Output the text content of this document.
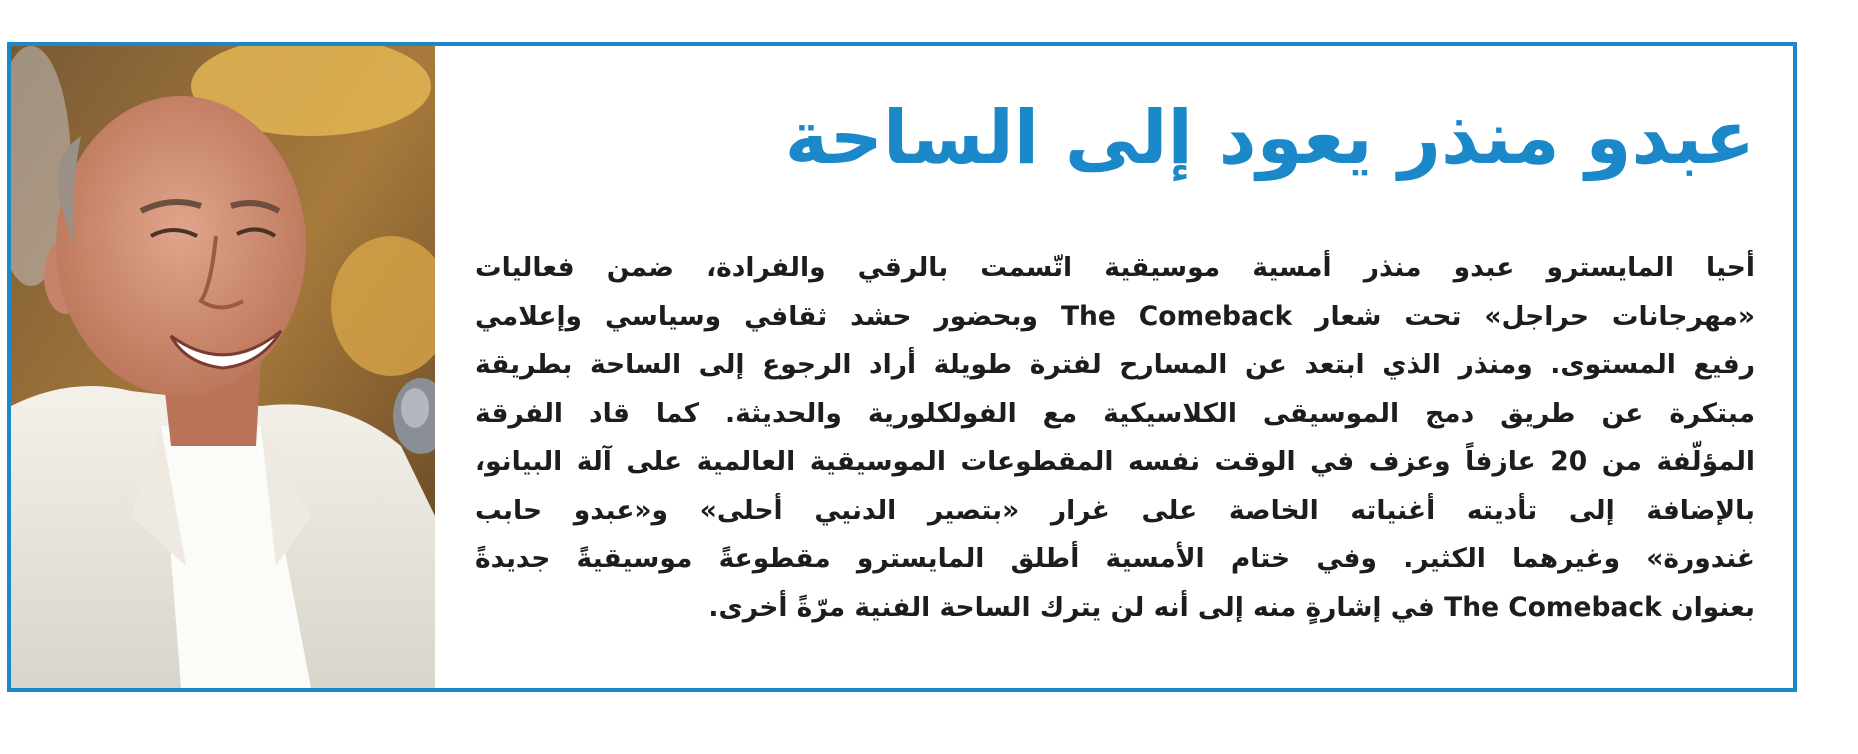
عبدو منذر يعود إلى الساحة

أحيا المايسترو عبدو منذر أمسية موسيقية اتّسمت بالرقي والفرادة، ضمن فعاليات
«مهرجانات حراجل» تحت شعار The Comeback وبحضور حشد ثقافي وسياسي وإعلامي
رفيع المستوى. ومنذر الذي ابتعد عن المسارح لفترة طويلة أراد الرجوع إلى الساحة بطريقة
مبتكرة عن طريق دمج الموسيقى الكلاسيكية مع الفولكلورية والحديثة. كما قاد الفرقة
المؤلّفة من 20 عازفاً وعزف في الوقت نفسه المقطوعات الموسيقية العالمية على آلة البيانو،
بالإضافة إلى تأديته أغنياته الخاصة على غرار «بتصير الدنيي أحلى» و«عبدو حابب
غندورة» وغيرهما الكثير. وفي ختام الأمسية أطلق المايسترو مقطوعةً موسيقيةً جديدةً
بعنوان The Comeback في إشارةٍ منه إلى أنه لن يترك الساحة الفنية مرّةً أخرى.
